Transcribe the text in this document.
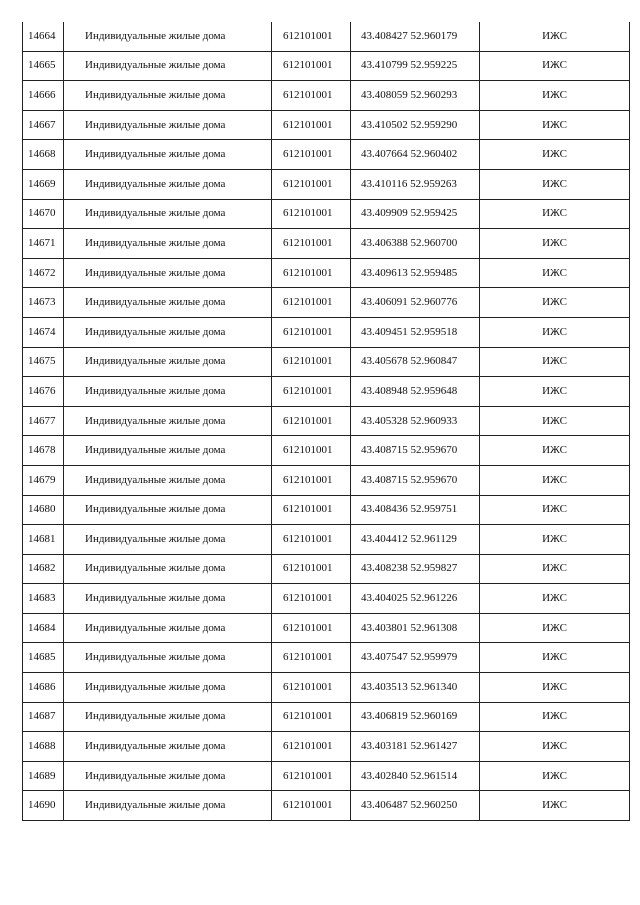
14664	Индивидуальные жилые дома	612101001	43.408427 52.960179	ИЖС
14665	Индивидуальные жилые дома	612101001	43.410799 52.959225	ИЖС
14666	Индивидуальные жилые дома	612101001	43.408059 52.960293	ИЖС
14667	Индивидуальные жилые дома	612101001	43.410502 52.959290	ИЖС
14668	Индивидуальные жилые дома	612101001	43.407664 52.960402	ИЖС
14669	Индивидуальные жилые дома	612101001	43.410116 52.959263	ИЖС
14670	Индивидуальные жилые дома	612101001	43.409909 52.959425	ИЖС
14671	Индивидуальные жилые дома	612101001	43.406388 52.960700	ИЖС
14672	Индивидуальные жилые дома	612101001	43.409613 52.959485	ИЖС
14673	Индивидуальные жилые дома	612101001	43.406091 52.960776	ИЖС
14674	Индивидуальные жилые дома	612101001	43.409451 52.959518	ИЖС
14675	Индивидуальные жилые дома	612101001	43.405678 52.960847	ИЖС
14676	Индивидуальные жилые дома	612101001	43.408948 52.959648	ИЖС
14677	Индивидуальные жилые дома	612101001	43.405328 52.960933	ИЖС
14678	Индивидуальные жилые дома	612101001	43.408715 52.959670	ИЖС
14679	Индивидуальные жилые дома	612101001	43.408715 52.959670	ИЖС
14680	Индивидуальные жилые дома	612101001	43.408436 52.959751	ИЖС
14681	Индивидуальные жилые дома	612101001	43.404412 52.961129	ИЖС
14682	Индивидуальные жилые дома	612101001	43.408238 52.959827	ИЖС
14683	Индивидуальные жилые дома	612101001	43.404025 52.961226	ИЖС
14684	Индивидуальные жилые дома	612101001	43.403801 52.961308	ИЖС
14685	Индивидуальные жилые дома	612101001	43.407547 52.959979	ИЖС
14686	Индивидуальные жилые дома	612101001	43.403513 52.961340	ИЖС
14687	Индивидуальные жилые дома	612101001	43.406819 52.960169	ИЖС
14688	Индивидуальные жилые дома	612101001	43.403181 52.961427	ИЖС
14689	Индивидуальные жилые дома	612101001	43.402840 52.961514	ИЖС
14690	Индивидуальные жилые дома	612101001	43.406487 52.960250	ИЖС
